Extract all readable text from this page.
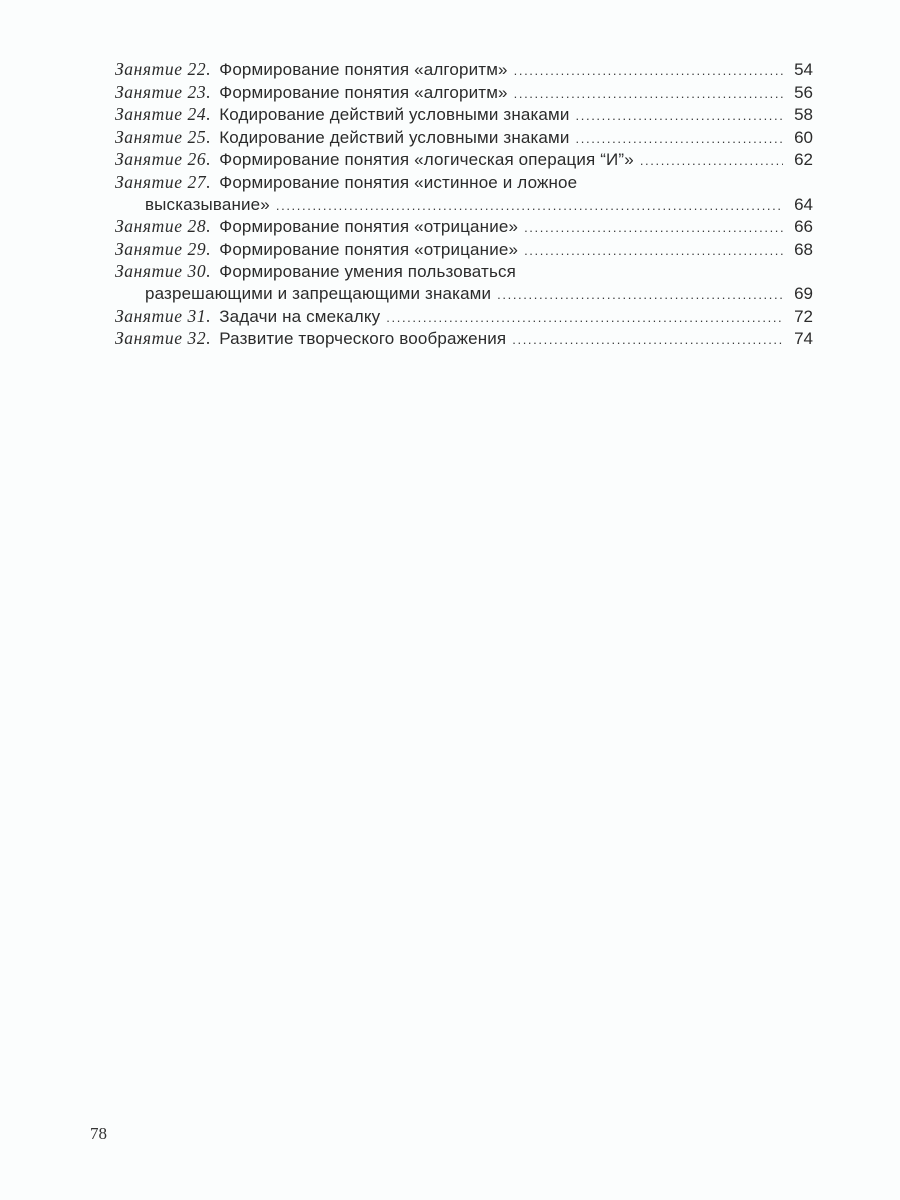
Занятие 22. Формирование понятия «алгоритм» . . .	54
Занятие 23. Формирование понятия «алгоритм» . . .	56
Занятие 24. Кодирование действий условными знаками . . .	58
Занятие 25. Кодирование действий условными знаками . . .	60
Занятие 26. Формирование понятия «логическая операция “И”» . . .	62
Занятие 27. Формирование понятия «истинное и ложное
высказывание» . . .	64
Занятие 28. Формирование понятия «отрицание» . . .	66
Занятие 29. Формирование понятия «отрицание» . . .	68
Занятие 30. Формирование умения пользоваться
разрешающими и запрещающими знаками . . .	69
Занятие 31. Задачи на смекалку . . .	72
Занятие 32. Развитие творческого воображения . . .	74
78
